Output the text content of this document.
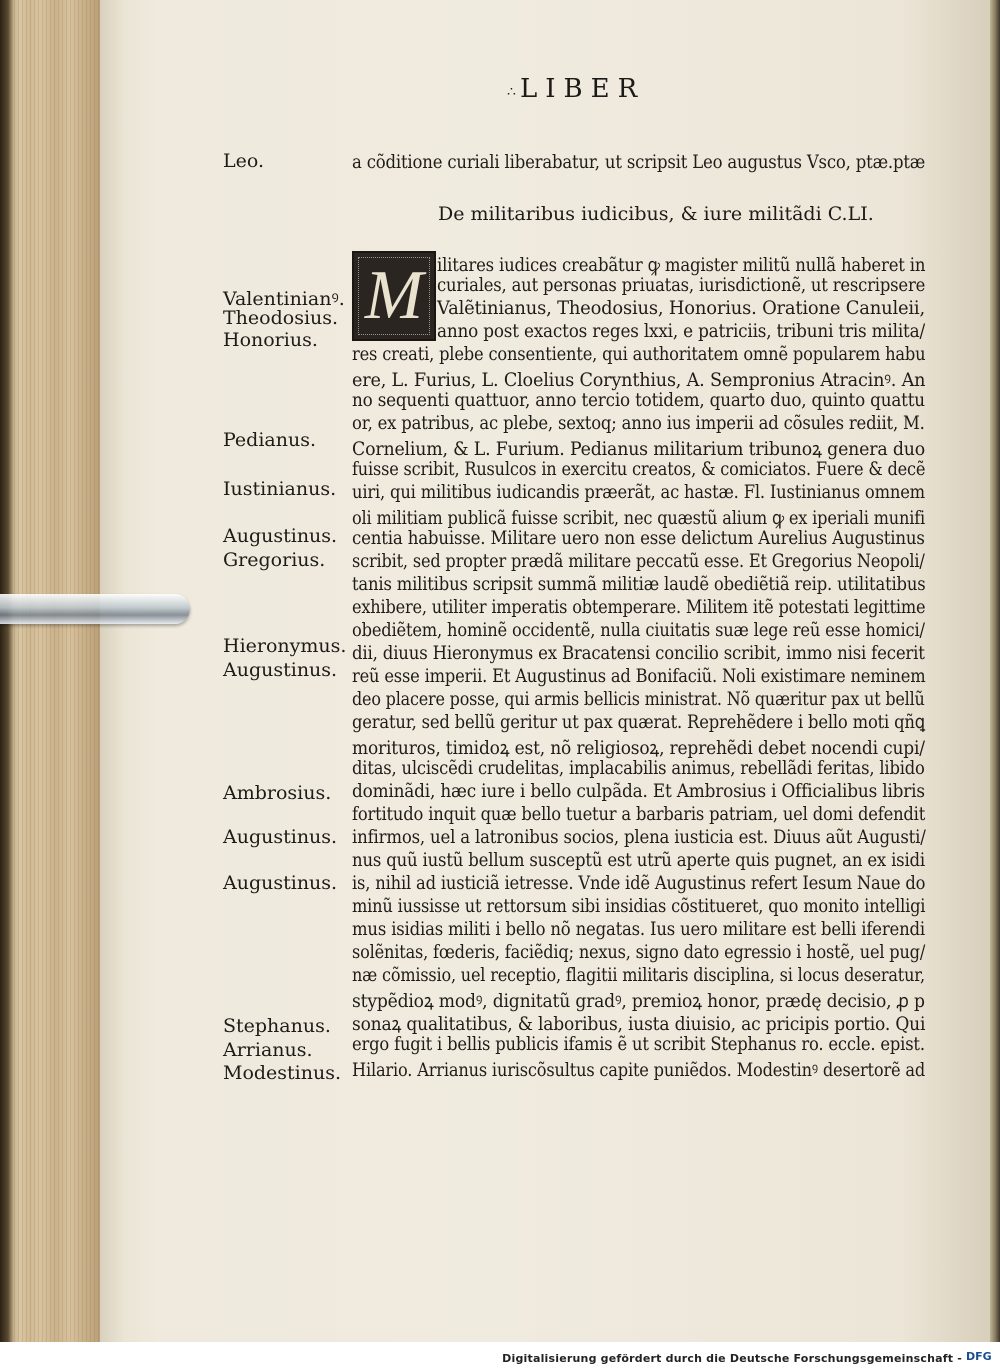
∴ LIBER
De militaribus iudicibus, & iure militãdi C.LI.
M
Leo.
Valentinianꝰ.
Theodosius.
Honorius.
Pedianus.
Iustinianus.
Augustinus.
Gregorius.
Hieronymus.
Augustinus.
Ambrosius.
Augustinus.
Augustinus.
Stephanus.
Arrianus.
Modestinus.
a cõditione curiali liberabatur, ut scripsit Leo augustus Vsco, ptæ.ptæ
ilitares iudices creabãtur ꝙ magister militũ nullã haberet in
curiales, aut personas priuatas, iurisdictionẽ, ut rescripsere
Valẽtinianus, Theodosius, Honorius. Oratione Canuleii,
anno post exactos reges lxxi, e patriciis, tribuni tris milita/
res creati, plebe consentiente, qui authoritatem omnẽ popularem habu
ere, L. Furius, L. Cloelius Corynthius, A. Sempronius Atracinꝰ. An
no sequenti quattuor, anno tercio totidem, quarto duo, quinto quattu
or, ex patribus, ac plebe, sextoq; anno ius imperii ad cõsules rediit, M.
Cornelium, & L. Furium. Pedianus militarium tribunoꝝ genera duo
fuisse scribit, Rusulcos in exercitu creatos, & comiciatos. Fuere & decẽ
uiri, qui militibus iudicandis præerãt, ac hastæ. Fl. Iustinianus omnem
oli militiam publicã fuisse scribit, nec quæstũ alium ꝙ ex iperiali munifi
centia habuisse. Militare uero non esse delictum Aurelius Augustinus
scribit, sed propter prædã militare peccatũ esse. Et Gregorius Neopoli/
tanis militibus scripsit summã militiæ laudẽ obediẽtiã reip. utilitatibus
exhibere, utiliter imperatis obtemperare. Militem itẽ potestati legittime
obediẽtem, hominẽ occidentẽ, nulla ciuitatis suæ lege reũ esse homici/
dii, diuus Hieronymus ex Bracatensi concilio scribit, immo nisi fecerit
reũ esse imperii. Et Augustinus ad Bonifaciũ. Noli existimare neminem
deo placere posse, qui armis bellicis ministrat. Nõ quæritur pax ut bellũ
geratur, sed bellũ geritur ut pax quærat. Reprehẽdere i bello moti qñꝗ
morituros, timidoꝝ est, nõ religiosoꝝ, reprehẽdi debet nocendi cupi/
ditas, ulciscẽdi crudelitas, implacabilis animus, rebellãdi feritas, libido
dominãdi, hæc iure i bello culpãda. Et Ambrosius i Officialibus libris
fortitudo inquit quæ bello tuetur a barbaris patriam, uel domi defendit
infirmos, uel a latronibus socios, plena iusticia est. Diuus aũt Augusti/
nus quũ iustũ bellum susceptũ est utrũ aperte quis pugnet, an ex isidi
is, nihil ad iusticiã ietresse. Vnde idẽ Augustinus refert Iesum Naue do
minũ iussisse ut rettorsum sibi insidias cõstitueret, quo monito intelligi
mus isidias militi i bello nõ negatas. Ius uero militare est belli iferendi
solẽnitas, fœderis, faciẽdiq; nexus, signo dato egressio i hostẽ, uel pug/
næ cõmissio, uel receptio, flagitii militaris disciplina, si locus deseratur,
stypẽdioꝝ modꝰ, dignitatũ gradꝰ, premioꝝ honor, prædę decisio, ꝓ p
sonaꝝ qualitatibus, & laboribus, iusta diuisio, ac pricipis portio. Qui
ergo fugit i bellis publicis ifamis ẽ ut scribit Stephanus ro. eccle. epist.
Hilario. Arrianus iuriscõsultus capite puniẽdos. Modestinꝰ desertorẽ ad
Digitalisierung gefördert durch die Deutsche Forschungsgemeinschaft - DFG
